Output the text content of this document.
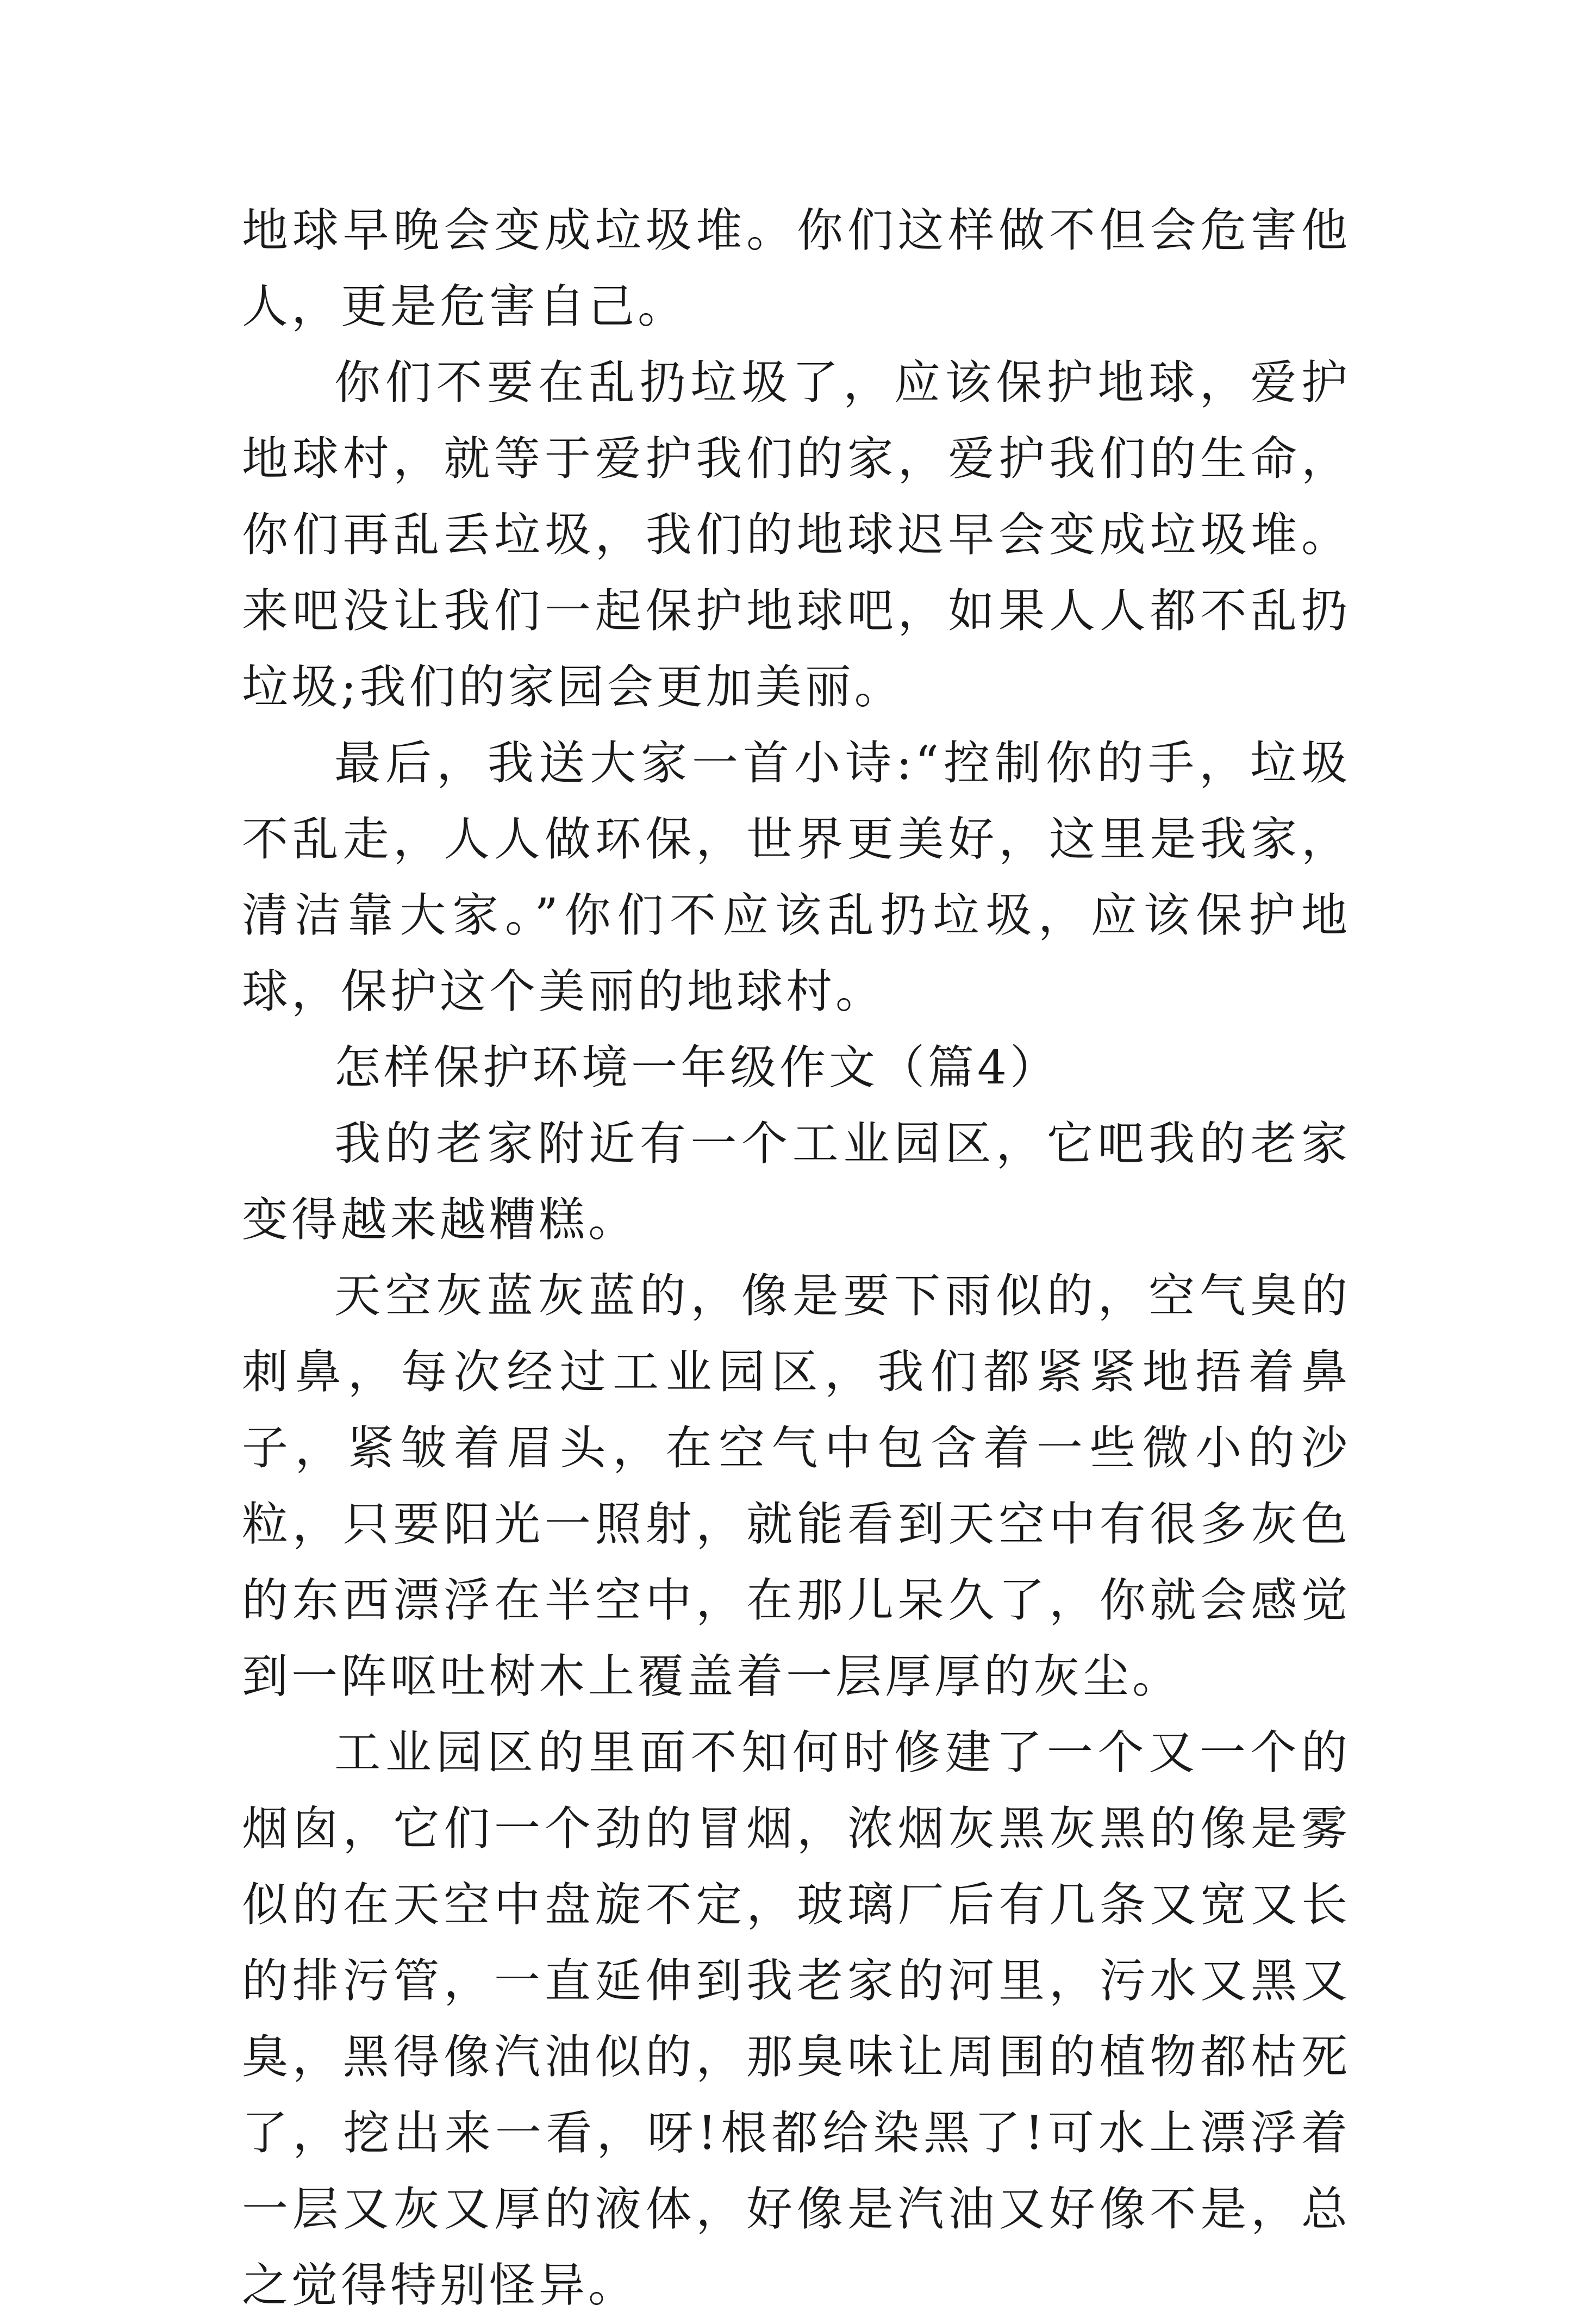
地球早晚会变成垃圾堆。你们这样做不但会危害他人，更是危害自己。

你们不要在乱扔垃圾了，应该保护地球，爱护地球村，就等于爱护我们的家，爱护我们的生命，你们再乱丢垃圾，我们的地球迟早会变成垃圾堆。来吧没让我们一起保护地球吧，如果人人都不乱扔垃圾;我们的家园会更加美丽。

最后，我送大家一首小诗:“控制你的手，垃圾不乱走，人人做环保，世界更美好，这里是我家，清洁靠大家。”你们不应该乱扔垃圾，应该保护地球，保护这个美丽的地球村。

怎样保护环境一年级作文（篇4）

我的老家附近有一个工业园区，它吧我的老家变得越来越糟糕。

天空灰蓝灰蓝的，像是要下雨似的，空气臭的刺鼻，每次经过工业园区，我们都紧紧地捂着鼻子，紧皱着眉头，在空气中包含着一些微小的沙粒，只要阳光一照射，就能看到天空中有很多灰色的东西漂浮在半空中，在那儿呆久了，你就会感觉到一阵呕吐树木上覆盖着一层厚厚的灰尘。

工业园区的里面不知何时修建了一个又一个的烟囱，它们一个劲的冒烟，浓烟灰黑灰黑的像是雾似的在天空中盘旋不定，玻璃厂后有几条又宽又长的排污管，一直延伸到我老家的河里，污水又黑又臭，黑得像汽油似的，那臭味让周围的植物都枯死了，挖出来一看，呀!根都给染黑了!可水上漂浮着一层又灰又厚的液体，好像是汽油又好像不是，总之觉得特别怪异。
